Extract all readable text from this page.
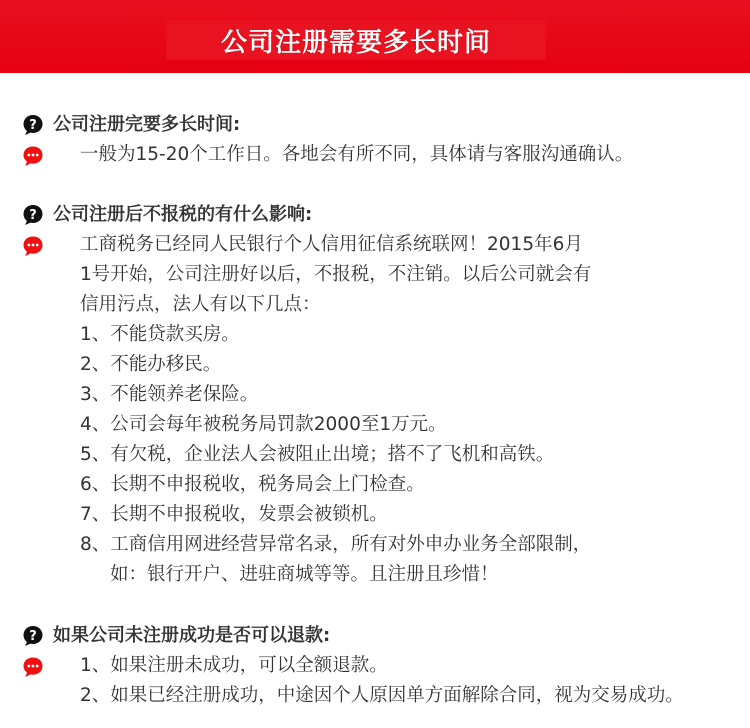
公司注册需要多长时间
? 公司注册完要多长时间:
一般为15-20个工作日。各地会有所不同，具体请与客服沟通确认。
? 公司注册后不报税的有什么影响:
工商税务已经同人民银行个人信用征信系统联网！2015年6月
1号开始，公司注册好以后，不报税，不注销。以后公司就会有
信用污点，法人有以下几点：
1、不能贷款买房。
2、不能办移民。
3、不能领养老保险。
4、公司会每年被税务局罚款2000至1万元。
5、有欠税，企业法人会被阻止出境；搭不了飞机和高铁。
6、长期不申报税收，税务局会上门检查。
7、长期不申报税收，发票会被锁机。
8、工商信用网进经营异常名录，所有对外申办业务全部限制，
如：银行开户、进驻商城等等。且注册且珍惜！
? 如果公司未注册成功是否可以退款:
1、如果注册未成功，可以全额退款。
2、如果已经注册成功，中途因个人原因单方面解除合同，视为交易成功。
